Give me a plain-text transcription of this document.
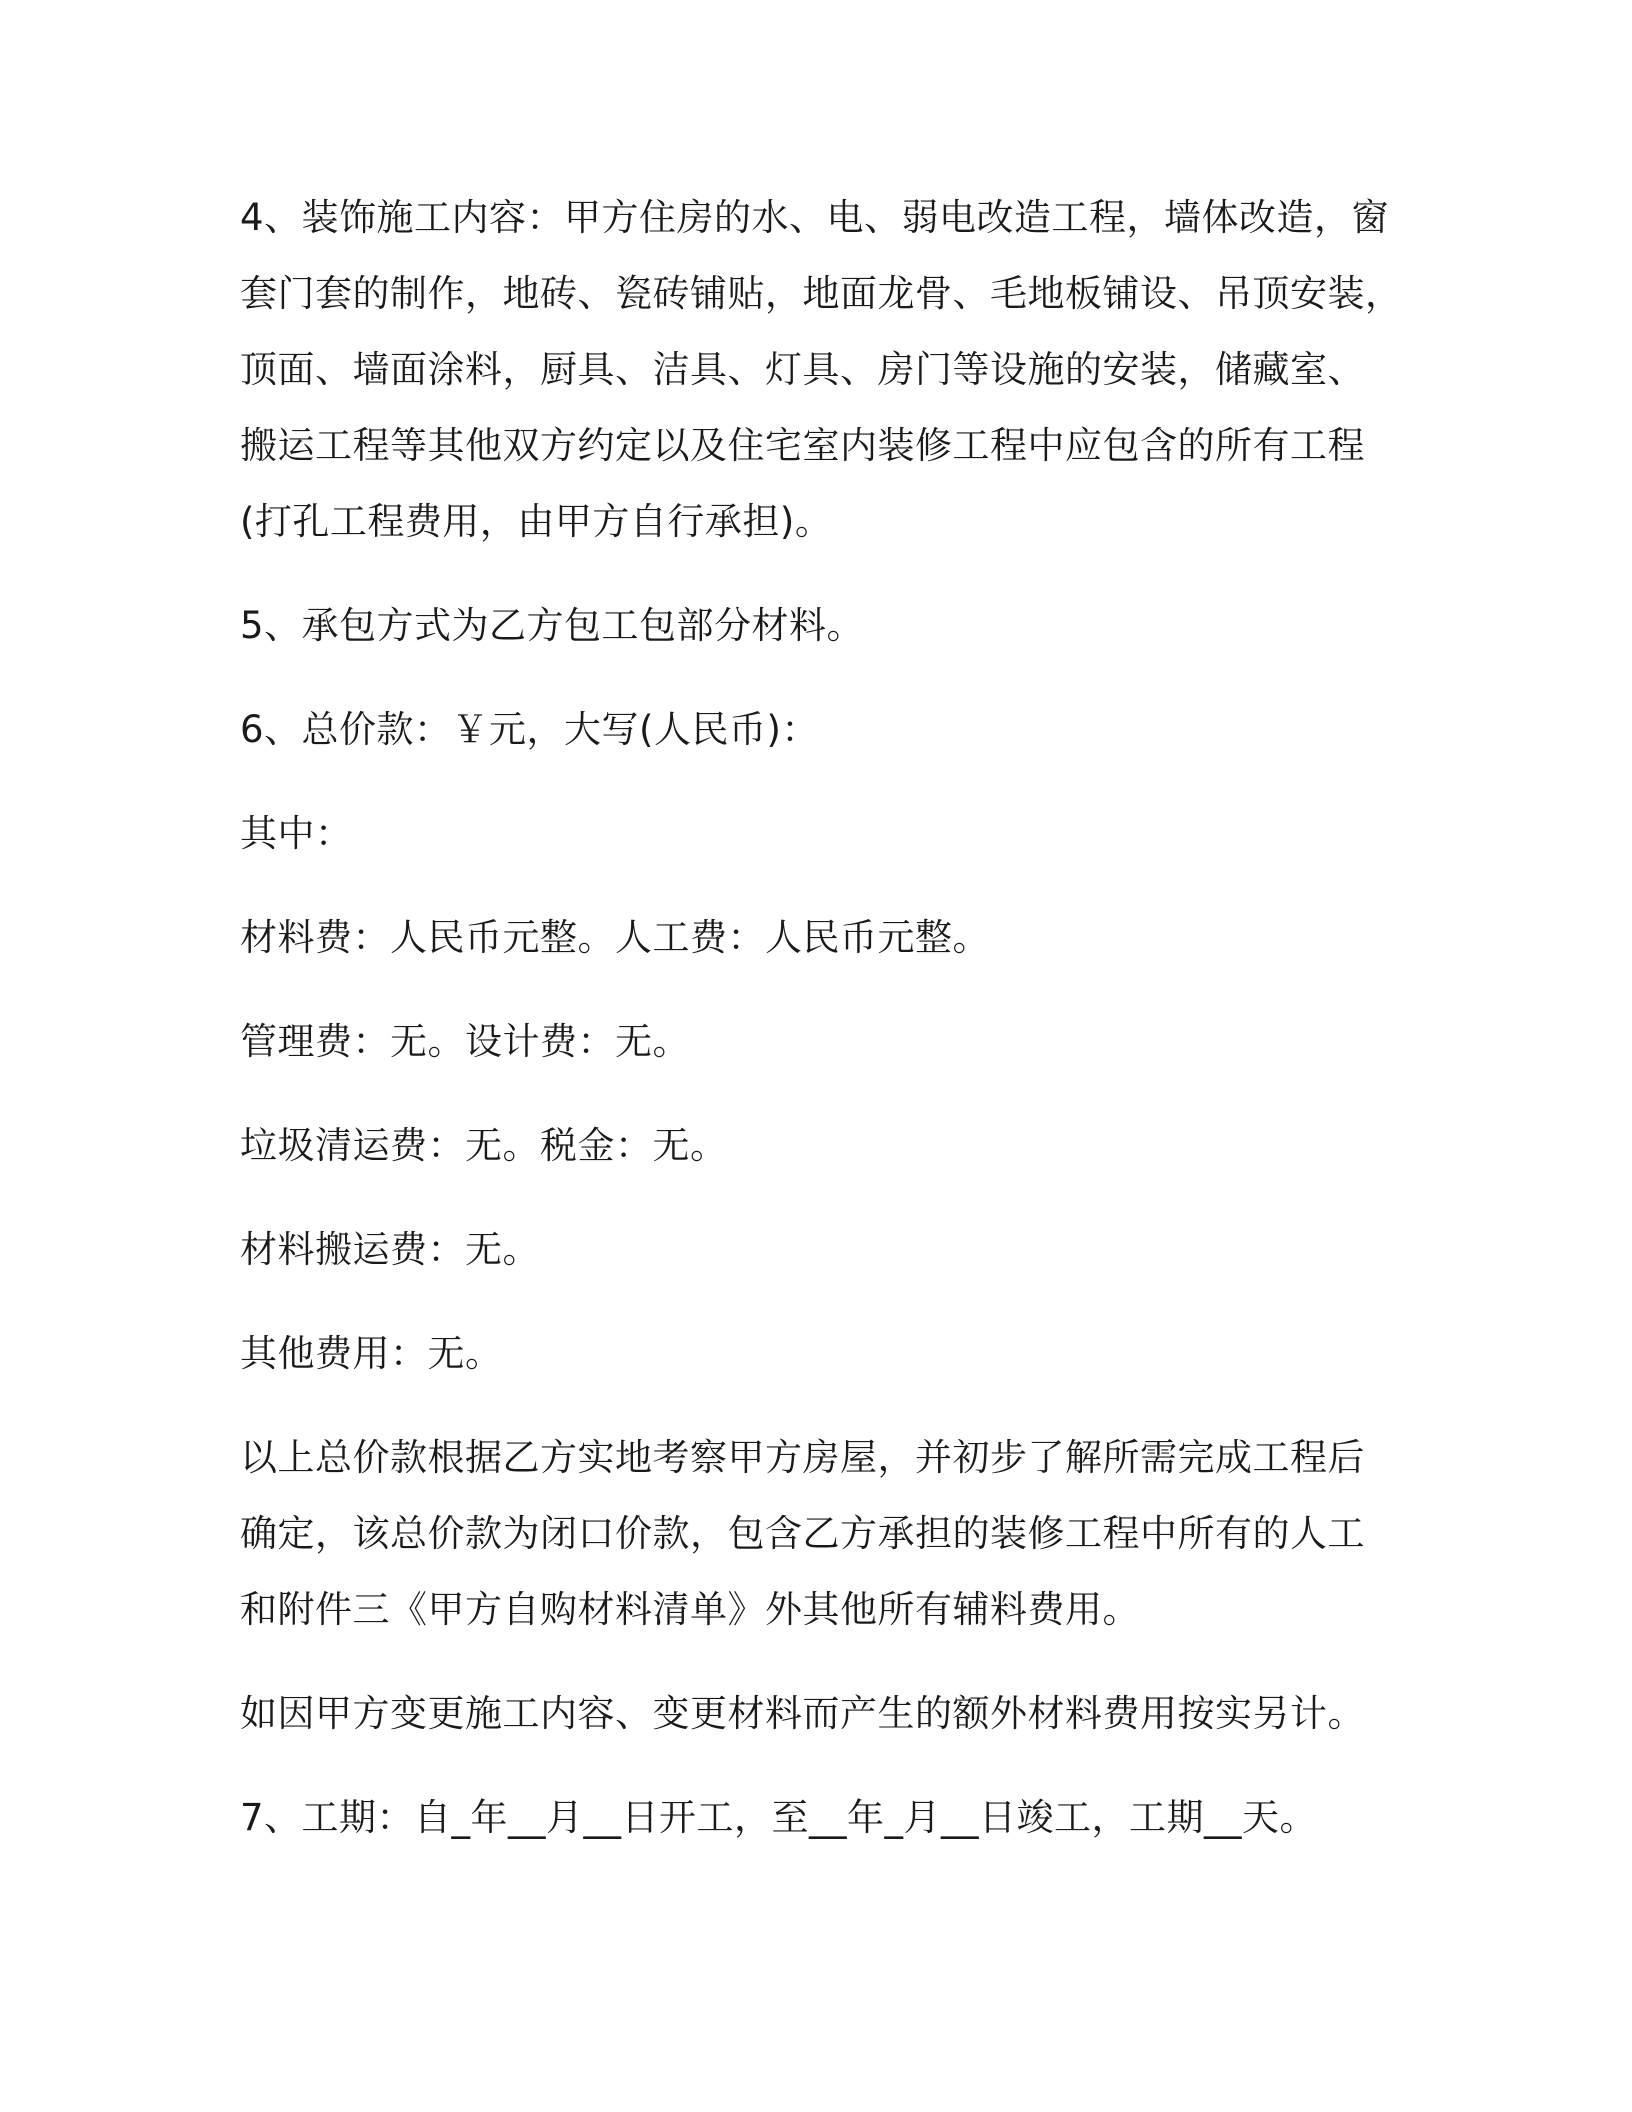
4、装饰施工内容：甲方住房的水、电、弱电改造工程，墙体改造，窗
套门套的制作，地砖、瓷砖铺贴，地面龙骨、毛地板铺设、吊顶安装，
顶面、墙面涂料，厨具、洁具、灯具、房门等设施的安装，储藏室、
搬运工程等其他双方约定以及住宅室内装修工程中应包含的所有工程
(打孔工程费用，由甲方自行承担)。

5、承包方式为乙方包工包部分材料。

6、总价款：￥元，大写(人民币)：

其中：

材料费：人民币元整。人工费：人民币元整。

管理费：无。设计费：无。

垃圾清运费：无。税金：无。

材料搬运费：无。

其他费用：无。

以上总价款根据乙方实地考察甲方房屋，并初步了解所需完成工程后
确定，该总价款为闭口价款，包含乙方承担的装修工程中所有的人工
和附件三《甲方自购材料清单》外其他所有辅料费用。

如因甲方变更施工内容、变更材料而产生的额外材料费用按实另计。

7、工期：自_年__月__日开工，至__年_月__日竣工，工期__天。
